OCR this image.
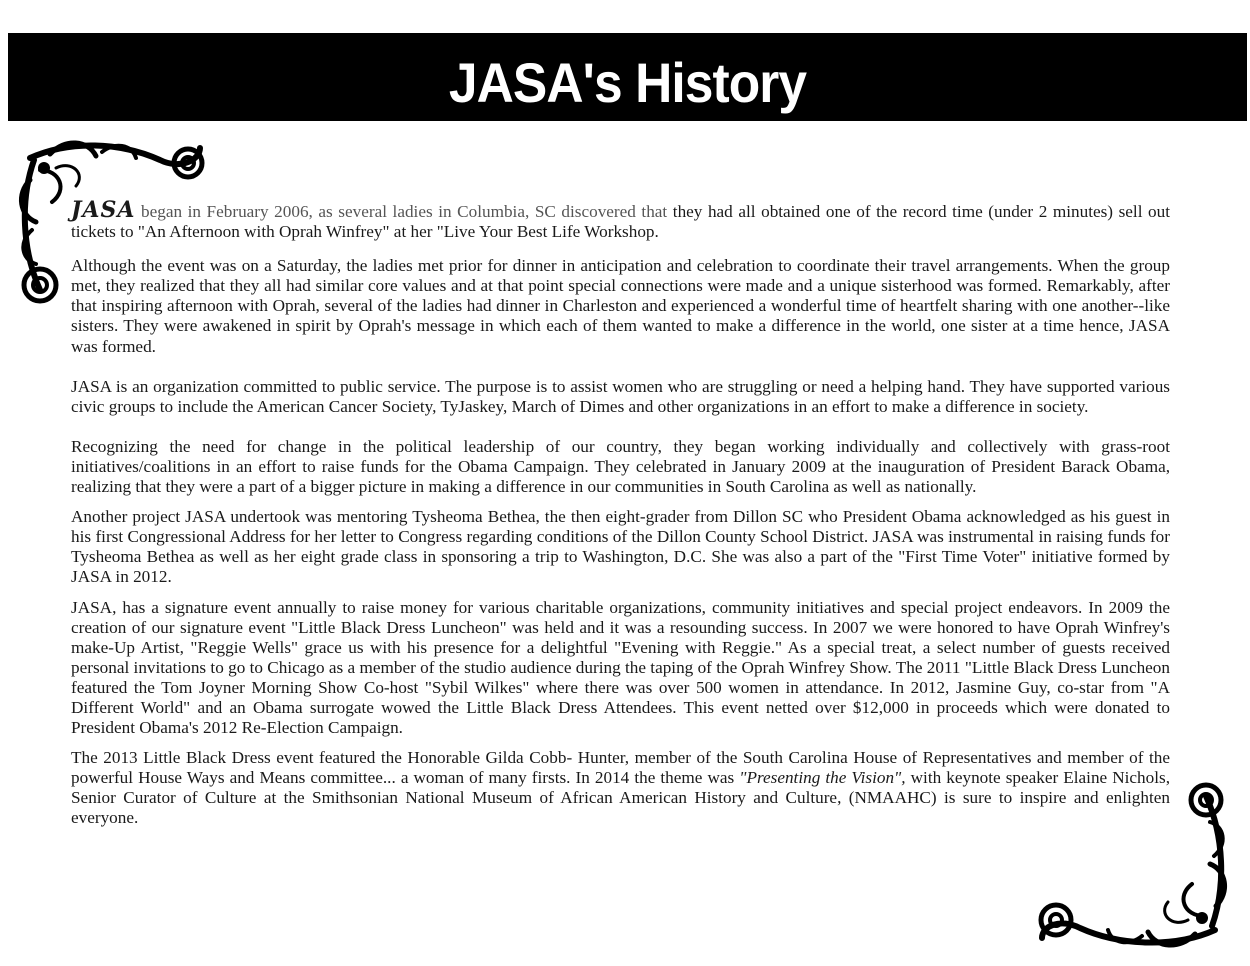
JASA's History

JASA began in February 2006, as several ladies in Columbia, SC discovered that they had all obtained one of the record time (under 2 minutes) sell out tickets to "An Afternoon with Oprah Winfrey" at her "Live Your Best Life Workshop.

Although the event was on a Saturday, the ladies met prior for dinner in anticipation and celebration to coordinate their travel arrangements. When the group met, they realized that they all had similar core values and at that point special connections were made and a unique sisterhood was formed. Remarkably, after that inspiring afternoon with Oprah, several of the ladies had dinner in Charleston and experienced a wonderful time of heartfelt sharing with one another--like sisters. They were awakened in spirit by Oprah's message in which each of them wanted to make a difference in the world, one sister at a time hence, JASA was formed.

JASA is an organization committed to public service. The purpose is to assist women who are struggling or need a helping hand. They have supported various civic groups to include the American Cancer Society, TyJaskey, March of Dimes and other organizations in an effort to make a difference in society.

Recognizing the need for change in the political leadership of our country, they began working individually and collectively with grass-root initiatives/coalitions in an effort to raise funds for the Obama Campaign. They celebrated in January 2009 at the inauguration of President Barack Obama, realizing that they were a part of a bigger picture in making a difference in our communities in South Carolina as well as nationally.

Another project JASA undertook was mentoring Tysheoma Bethea, the then eight-grader from Dillon SC who President Obama acknowledged as his guest in his first Congressional Address for her letter to Congress regarding conditions of the Dillon County School District. JASA was instrumental in raising funds for Tysheoma Bethea as well as her eight grade class in sponsoring a trip to Washington, D.C. She was also a part of the "First Time Voter" initiative formed by JASA in 2012.

JASA, has a signature event annually to raise money for various charitable organizations, community initiatives and special project endeavors. In 2009 the creation of our signature event "Little Black Dress Luncheon" was held and it was a resounding success. In 2007 we were honored to have Oprah Winfrey's make-Up Artist, "Reggie Wells" grace us with his presence for a delightful "Evening with Reggie." As a special treat, a select number of guests received personal invitations to go to Chicago as a member of the studio audience during the taping of the Oprah Winfrey Show. The 2011 "Little Black Dress Luncheon featured the Tom Joyner Morning Show Co-host "Sybil Wilkes" where there was over 500 women in attendance. In 2012, Jasmine Guy, co-star from "A Different World" and an Obama surrogate wowed the Little Black Dress Attendees. This event netted over $12,000 in proceeds which were donated to President Obama's 2012 Re-Election Campaign.

The 2013 Little Black Dress event featured the Honorable Gilda Cobb- Hunter, member of the South Carolina House of Representatives and member of the powerful House Ways and Means committee... a woman of many firsts. In 2014 the theme was "Presenting the Vision", with keynote speaker Elaine Nichols, Senior Curator of Culture at the Smithsonian National Museum of African American History and Culture, (NMAAHC) is sure to inspire and enlighten everyone.
